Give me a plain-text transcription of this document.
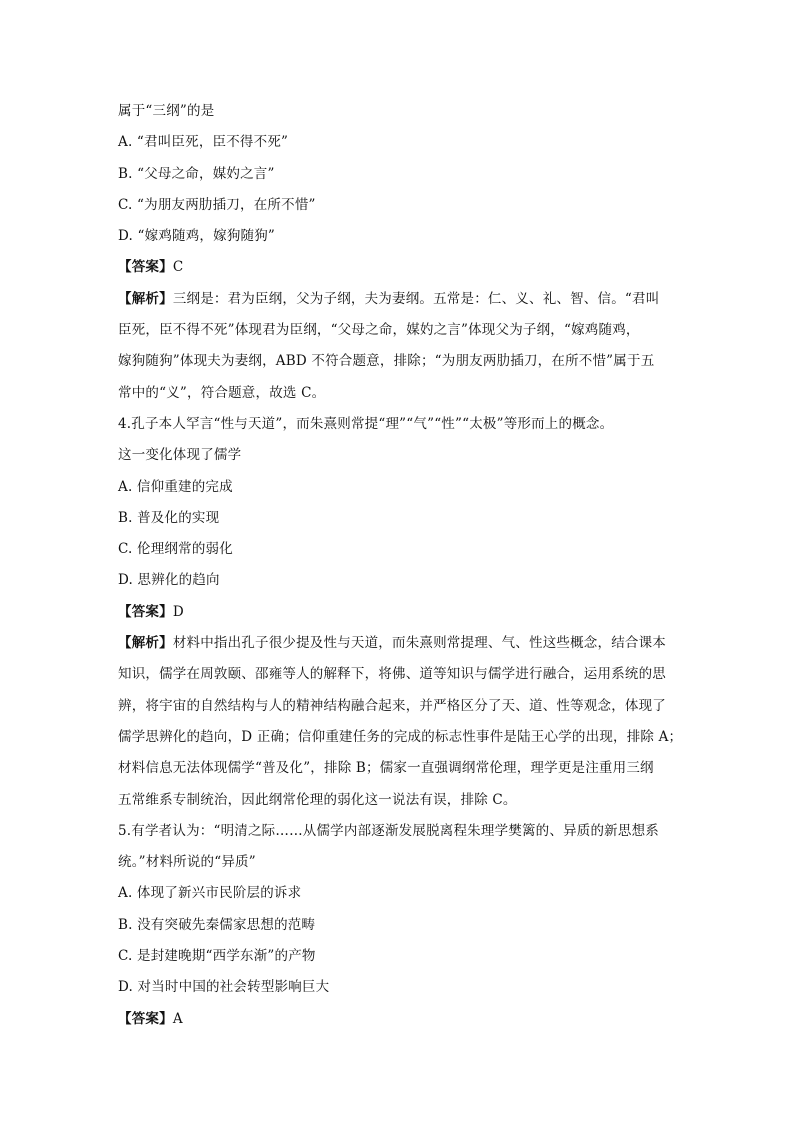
属于“三纲”的是
A. “君叫臣死，臣不得不死”
B. “父母之命，媒妁之言”
C. “为朋友两肋插刀，在所不惜”
D. “嫁鸡随鸡，嫁狗随狗”
【答案】C
【解析】三纲是：君为臣纲，父为子纲，夫为妻纲。五常是：仁、义、礼、智、信。“君叫
臣死，臣不得不死”体现君为臣纲，“父母之命，媒妁之言”体现父为子纲，“嫁鸡随鸡，
嫁狗随狗”体现夫为妻纲，ABD 不符合题意，排除；“为朋友两肋插刀，在所不惜”属于五
常中的“义”，符合题意，故选 C。
4.孔子本人罕言“性与天道”，而朱熹则常提“理”“气”“性”“太极”等形而上的概念。
这一变化体现了儒学
A. 信仰重建的完成
B. 普及化的实现
C. 伦理纲常的弱化
D. 思辨化的趋向
【答案】D
【解析】材料中指出孔子很少提及性与天道，而朱熹则常提理、气、性这些概念，结合课本
知识，儒学在周敦颐、邵雍等人的解释下，将佛、道等知识与儒学进行融合，运用系统的思
辨，将宇宙的自然结构与人的精神结构融合起来，并严格区分了天、道、性等观念，体现了
儒学思辨化的趋向，D 正确；信仰重建任务的完成的标志性事件是陆王心学的出现，排除 A；
材料信息无法体现儒学“普及化”，排除 B；儒家一直强调纲常伦理，理学更是注重用三纲
五常维系专制统治，因此纲常伦理的弱化这一说法有误，排除 C。
5.有学者认为：“明清之际……从儒学内部逐渐发展脱离程朱理学樊篱的、异质的新思想系
统。”材料所说的“异质”
A. 体现了新兴市民阶层的诉求
B. 没有突破先秦儒家思想的范畴
C. 是封建晚期“西学东渐”的产物
D. 对当时中国的社会转型影响巨大
【答案】A
